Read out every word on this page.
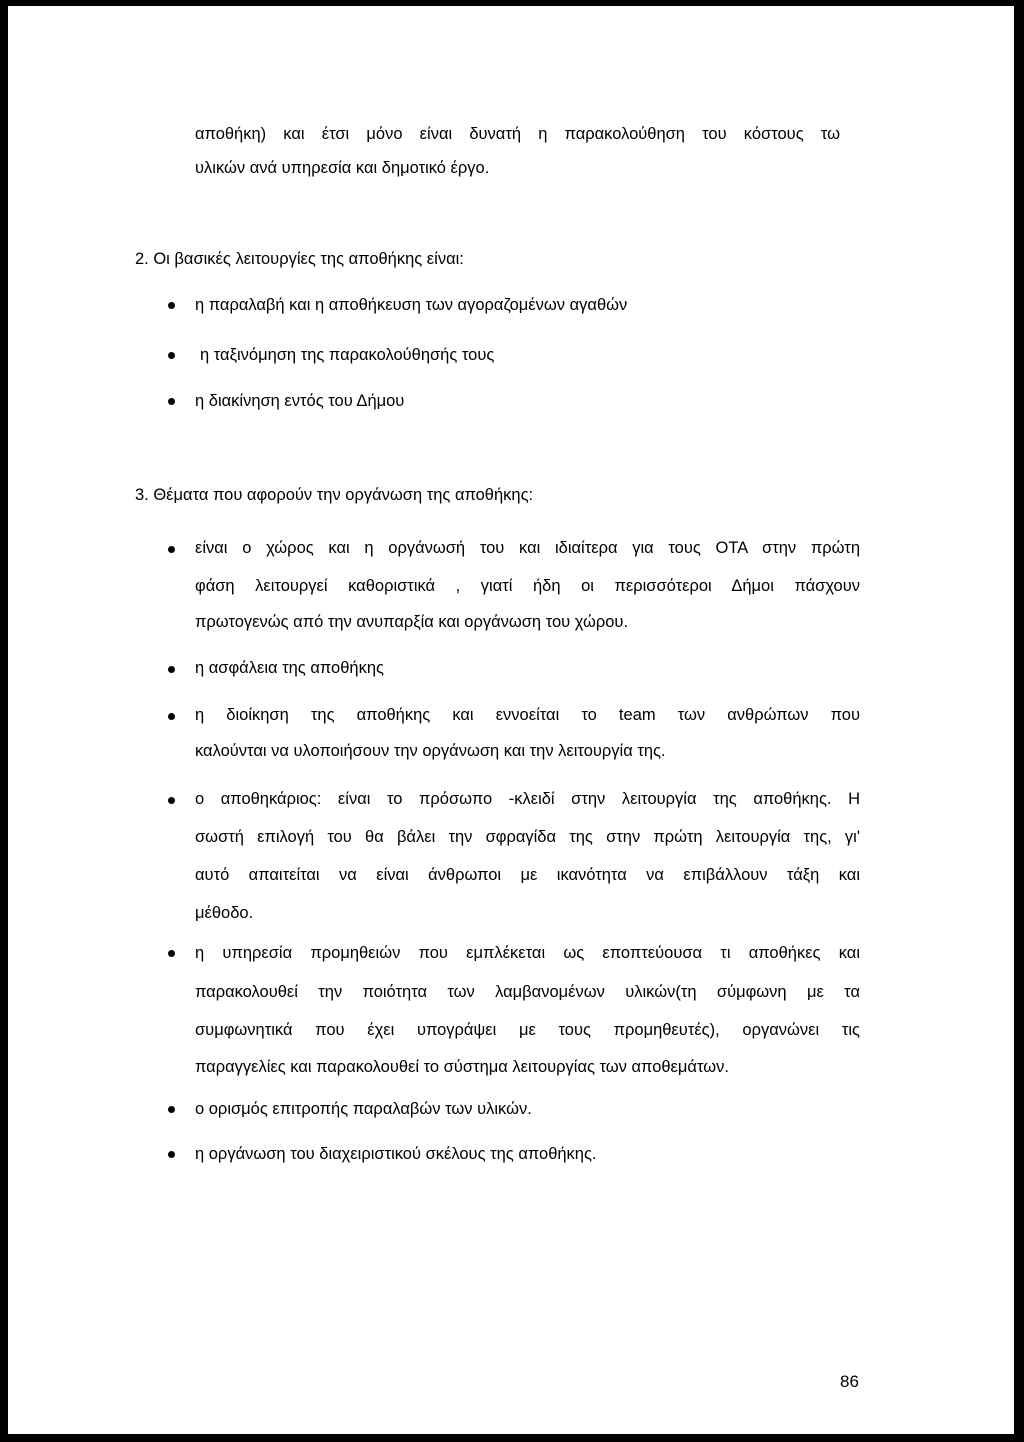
αποθήκη) και έτσι μόνο είναι δυνατή η παρακολούθηση του κόστους τω
υλικών ανά υπηρεσία και δημοτικό έργο.
2. Οι βασικές λειτουργίες της αποθήκης είναι:
η παραλαβή και η αποθήκευση των αγοραζομένων αγαθών
η ταξινόμηση της παρακολούθησής τους
η διακίνηση εντός του Δήμου
3. Θέματα που αφορούν την οργάνωση της αποθήκης:
είναι ο χώρος και η οργάνωσή του και ιδιαίτερα για τους ΟΤΑ στην πρώτη
φάση λειτουργεί καθοριστικά , γιατί ήδη οι περισσότεροι Δήμοι πάσχουν
πρωτογενώς από την ανυπαρξία και οργάνωση του χώρου.
η ασφάλεια της αποθήκης
η διοίκηση της αποθήκης και εννοείται το team των ανθρώπων που
καλούνται να υλοποιήσουν την οργάνωση και την λειτουργία της.
ο αποθηκάριος: είναι το πρόσωπο -κλειδί στην λειτουργία της αποθήκης. Η
σωστή επιλογή του θα βάλει την σφραγίδα της στην πρώτη λειτουργία της, γι'
αυτό απαιτείται να είναι άνθρωποι με ικανότητα να επιβάλλουν τάξη και
μέθοδο.
η υπηρεσία προμηθειών που εμπλέκεται ως εποπτεύουσα τι αποθήκες και
παρακολουθεί την ποιότητα των λαμβανομένων υλικών(τη σύμφωνη με τα
συμφωνητικά που έχει υπογράψει με τους προμηθευτές), οργανώνει τις
παραγγελίες και παρακολουθεί το σύστημα λειτουργίας των αποθεμάτων.
ο ορισμός επιτροπής παραλαβών των υλικών.
η οργάνωση του διαχειριστικού σκέλους της αποθήκης.
86
